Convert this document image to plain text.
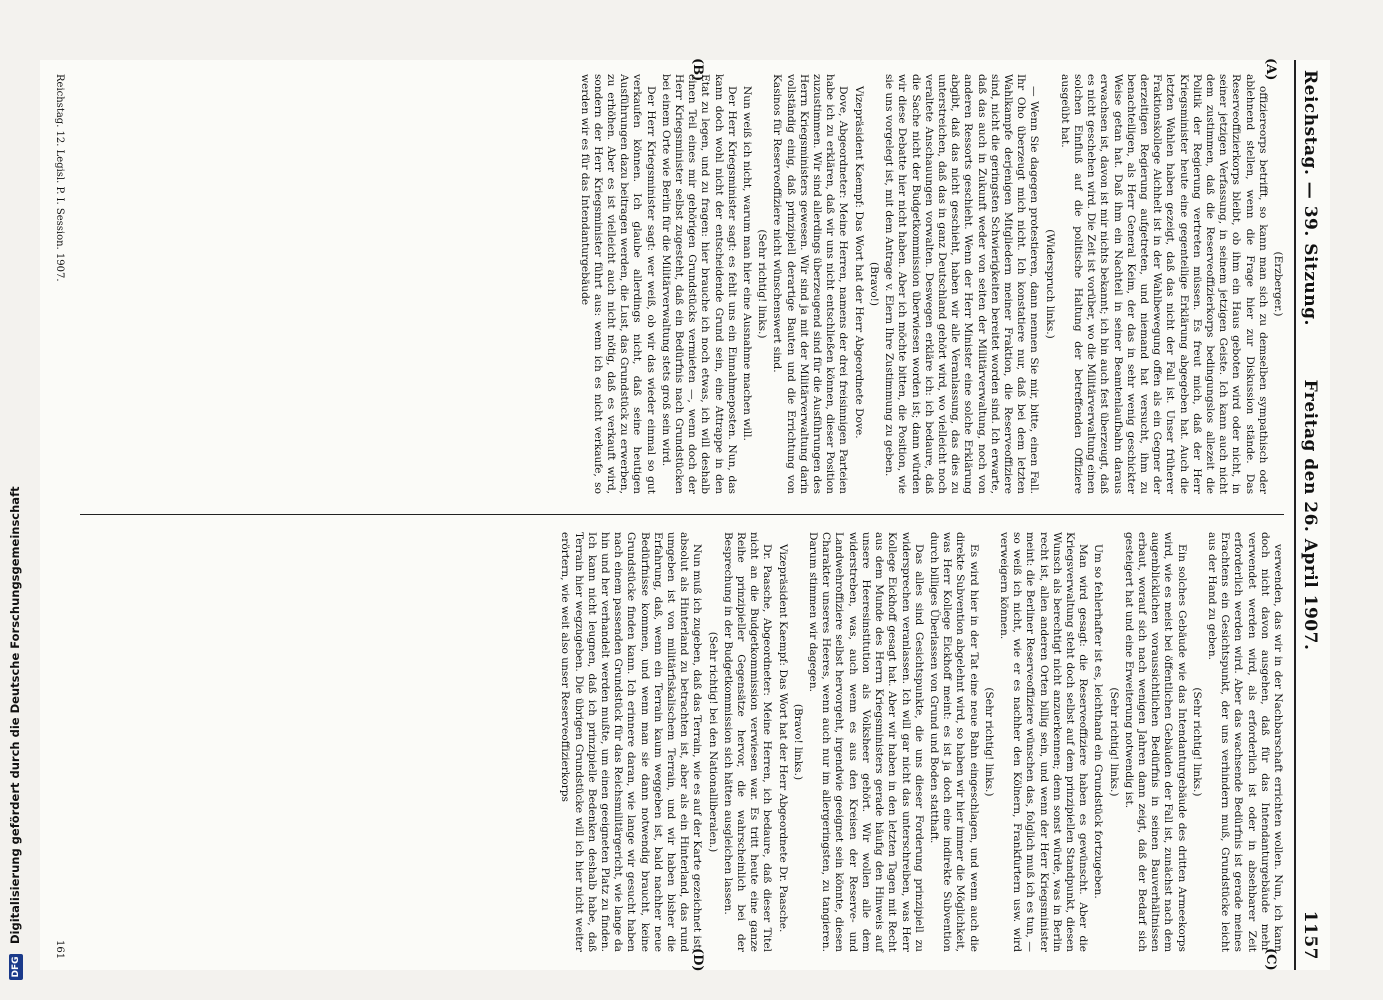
DFG Digitalisierung gefördert durch die Deutsche Forschungsgemeinschaft
Reichstag. — 39. Sitzung.
Freitag den 26. April 1907.
1157
(A)
(B)
(C)
(D)

(Erzberger.)

offiziereorps betrifft, so kann man sich zu demselben sympathisch oder ablehnend stellen, wenn die Frage hier zur Diskussion stände. Das Reserveoffizierkorps bleibt, ob ihm ein Haus geboten wird oder nicht, in seiner jetzigen Verfassung, in seinem jetzigen Geiste. Ich kann auch nicht dem zustimmen, daß die Reserveoffizierkorps bedingungslos allezeit die Politik der Regierung vertreten müssen. Es freut mich, daß der Herr Kriegsminister heute eine gegenteilige Erklärung abgegeben hat. Auch die letzten Wahlen haben gezeigt, daß das nicht der Fall ist. Unser früherer Fraktionskollege Aichhelt ist in der Wahlbewegung offen als ein Gegner der derzeitigen Regierung aufgetreten, und niemand hat versucht, ihm zu benachteiligen, als Herr General Keim, der das in sehr wenig geschickter Weise getan hat. Daß ihm ein Nachteil in seiner Beamtenlaufbahn daraus erwachsen ist, davon ist mir nichts bekannt; ich bin auch fest überzeugt, daß es nicht geschehen wird. Die Zeit ist vorüber, wo die Militärverwaltung einen solchen Einfluß auf die politische Haltung der betreffenden Offiziere ausgeübt hat.

(Widerspruch links.)

— Wenn Sie dagegen protestieren, dann nennen Sie mir, bitte, einen Fall. Ihr Oho überzeugt mich nicht. Ich konstatiere nur, daß bei dem letzten Wahlkampfe derjenigen Mitgliedern meiner Fraktion, die Reserveoffiziere sind, nicht die geringsten Schwierigkeiten bereitet worden sind. Ich erwarte, daß das auch in Zukunft weder von seiten der Militärverwaltung, noch von anderen Ressorts geschieht. Wenn der Herr Minister eine solche Erklärung abgibt, daß das nicht geschieht, haben wir alle Veranlassung, das dies zu unterstreichen, daß das in ganz Deutschland gehört wird, wo vielleicht noch veraltete Anschauungen vorwalten. Deswegen erkläre ich: ich bedaure, daß die Sache nicht der Budgetkommission überwiesen worden ist; dann würden wir diese Debatte hier nicht haben. Aber ich möchte bitten, die Position, wie sie uns vorgelegt ist, mit dem Antrage v. Elern Ihre Zustimmung zu geben.

(Bravo!)

Vizepräsident Kaempf: Das Wort hat der Herr Abgeordnete Dove.

Dove, Abgeordneter: Meine Herren, namens der drei freisinnigen Parteien habe ich zu erklären, daß wir uns nicht entschließen können, dieser Position zuzustimmen. Wir sind allerdings überzeugend sind für die Ausführungen des Herrn Kriegsministers gewesen. Wir sind ja mit der Militärverwaltung darin vollständig einig, daß prinzipiell derartige Bauten und die Errichtung von Kasinos für Reserveoffiziere nicht wünschenswert sind.

(Sehr richtig! links.)

Nun weiß ich nicht, warum man hier eine Ausnahme machen will.

Der Herr Kriegsminister sagt: es fehlt uns ein Einnahmeposten. Nun, das kann doch wohl nicht der entscheidende Grund sein, eine Attrappe in den Etat zu legen, und zu fragen: hier brauche ich noch etwas, ich will deshalb einen Teil eines mir gehörigen Grundstücks vermieten —, wenn doch der Herr Kriegsminister selbst zugesteht, daß ein Bedürfnis nach Grundstücken bei einem Orte wie Berlin für die Militärverwaltung stets groß sein wird.

Der Herr Kriegsminister sagt: wer weiß, ob wir das wieder einmal so gut verkaufen können. Ich glaube allerdings nicht, daß seine heutigen Ausführungen dazu beitragen werden, die Lust, das Grundstück zu erwerben, zu erhöhen. Aber es ist vielleicht auch nicht nötig, daß es verkauft wird, sondern der Herr Kriegsminister führt aus: wenn ich es nicht verkaufe, so werden wir es für das Intendanturgebäude

verwenden, das wir in der Nachbarschaft errichten wollen. Nun, ich kann doch nicht davon ausgehen, daß für das Intendanturgebäude mehr verwendet werden wird, als erforderlich ist oder in absehbarer Zeit erforderlich werden wird. Aber das wachsende Bedürfnis ist gerade meines Erachtens ein Gesichtspunkt, der uns verhindern muß, Grundstücke leicht aus der Hand zu geben.

(Sehr richtig! links.)

Ein solches Gebäude wie das Intendanturgebäude des dritten Armeekorps wird, wie es meist bei öffentlichen Gebäuden der Fall ist, zunächst nach dem augenblicklichen voraussichtlichen Bedürfnis in seinen Bauverhältnissen erbaut, worauf sich nach wenigen Jahren dann zeigt, daß der Bedarf sich gesteigert hat und eine Erweiterung notwendig ist.

(Sehr richtig! links.)

Um so fehlerhafter ist es, leichthand ein Grundstück fortzugeben.

Man wird gesagt: die Reserveoffiziere haben es gewünscht. Aber die Kriegsverwaltung steht doch selbst auf dem prinzipiellen Standpunkt, diesen Wunsch als berechtigt nicht anzuerkennen; denn sonst würde, was in Berlin recht ist, allen anderen Orten billig sein, und wenn der Herr Kriegsminister meint: die Berliner Reserveoffiziere wünschen das, folglich muß ich es tun, — so weiß ich nicht, wie er es nachher den Kölnern, Frankfurtern usw. wird verweigern können.

(Sehr richtig! links.)

Es wird hier in der Tat eine neue Bahn eingeschlagen, und wenn auch die direkte Subvention abgelehnt wird, so haben wir hier immer die Möglichkeit, was Herr Kollege Eickhoff meint: es ist ja doch eine indirekte Subvention durch billiges Überlassen von Grund und Boden statthaft.

Das alles sind Gesichtspunkte, die uns dieser Forderung prinzipiell zu widersprechen veranlassen. Ich will gar nicht das unterschreiben, was Herr Kollege Eickhoff gesagt hat. Aber wir haben in den letzten Tagen mit Recht aus dem Munde des Herrn Kriegsministers gerade häufig den Hinweis auf unsere Heeresinstitution als Volksheer gehört. Wir wollen alle dem widerstreben, was, auch wenn es aus den Kreisen der Reserve- und Landwehroffiziere selbst hervorgeht, irgendwie geeignet sein könnte, diesen Charakter unseres Heeres, wenn auch nur im allergeringsten, zu tangieren. Darum stimmen wir dagegen.

(Bravo! links.)

Vizepräsident Kaempf: Das Wort hat der Herr Abgeordnete Dr. Paasche.

Dr. Paasche, Abgeordneter: Meine Herren, ich bedaure, daß dieser Titel nicht an die Budgetkommission verwiesen war. Es tritt heute eine ganze Reihe prinzipieller Gegensätze hervor, die wahrscheinlich bei der Besprechung in der Budgetkommission sich hätten ausgleichen lassen.

(Sehr richtig! bei den Nationalliberalen.)

Nun muß ich zugeben, daß das Terrain, wie es auf der Karte gezeichnet ist, absolut als Hinterland zu betrachten ist, aber als ein Hinterland, das rund umgeben ist von militärfiskalischem Terrain, und wir haben bisher die Erfahrung, daß, wenn ein Terrain kaum weggeben ist, bald nachher neue Bedürfnisse kommen, und wenn man sie dann notwendig braucht, keine Grundstücke finden kann. Ich erinnere daran, wie lange wir gesucht haben nach einem passenden Grundstück für das Reichsmilitärgericht, wie lange da hin und her verhandelt werden mußte, um einen geeigneten Platz zu finden. Ich kann nicht leugnen, daß ich prinzipielle Bedenken deshalb habe, daß Terrain hier wegzugeben. Die übrigen Grundstücke will ich hier nicht weiter erörtern, wie weit also unser Reserveoffizierkorps

Reichstag. 12. Legisl. P. I. Session. 1907.
161
